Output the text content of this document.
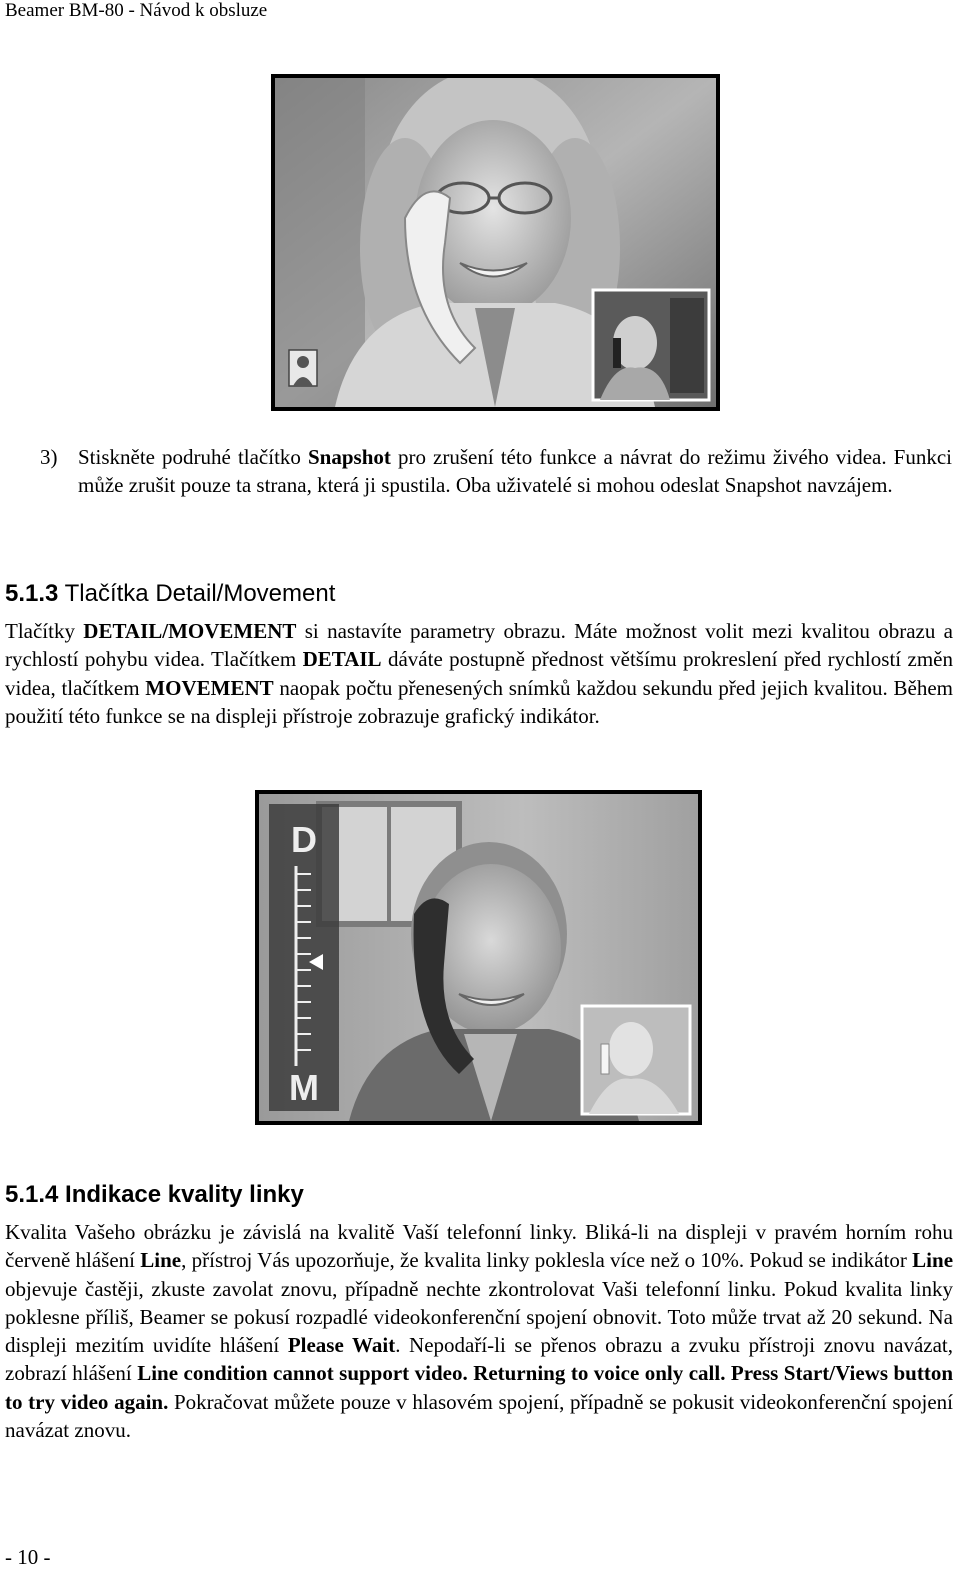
Beamer BM-80 - Návod k obsluze

3) Stiskněte podruhé tlačítko Snapshot pro zrušení této funkce a návrat do režimu živého videa. Funkci může zrušit pouze ta strana, která ji spustila. Oba uživatelé si mohou odeslat Snapshot navzájem.

5.1.3 Tlačítka Detail/Movement

Tlačítky DETAIL/MOVEMENT si nastavíte parametry obrazu. Máte možnost volit mezi kvalitou obrazu a rychlostí pohybu videa. Tlačítkem DETAIL dáváte postupně přednost většímu prokreslení před rychlostí změn videa, tlačítkem MOVEMENT naopak počtu přenesených snímků každou sekundu před jejich kvalitou. Během použití této funkce se na displeji přístroje zobrazuje grafický indikátor.

D
M
5.1.4 Indikace kvality linky

Kvalita Vašeho obrázku je závislá na kvalitě Vaší telefonní linky. Bliká-li na displeji v pravém horním rohu červeně hlášení Line, přístroj Vás upozorňuje, že kvalita linky poklesla více než o 10%. Pokud se indikátor Line objevuje častěji, zkuste zavolat znovu, případně nechte zkontrolovat Vaši telefonní linku. Pokud kvalita linky poklesne příliš, Beamer se pokusí rozpadlé videokonferenční spojení obnovit. Toto může trvat až 20 sekund. Na displeji mezitím uvidíte hlášení Please Wait. Nepodaří-li se přenos obrazu a zvuku přístroji znovu navázat, zobrazí hlášení Line condition cannot support video. Returning to voice only call. Press Start/Views button to try video again. Pokračovat můžete pouze v hlasovém spojení, případně se pokusit videokonferenční spojení navázat znovu.

- 10 -
